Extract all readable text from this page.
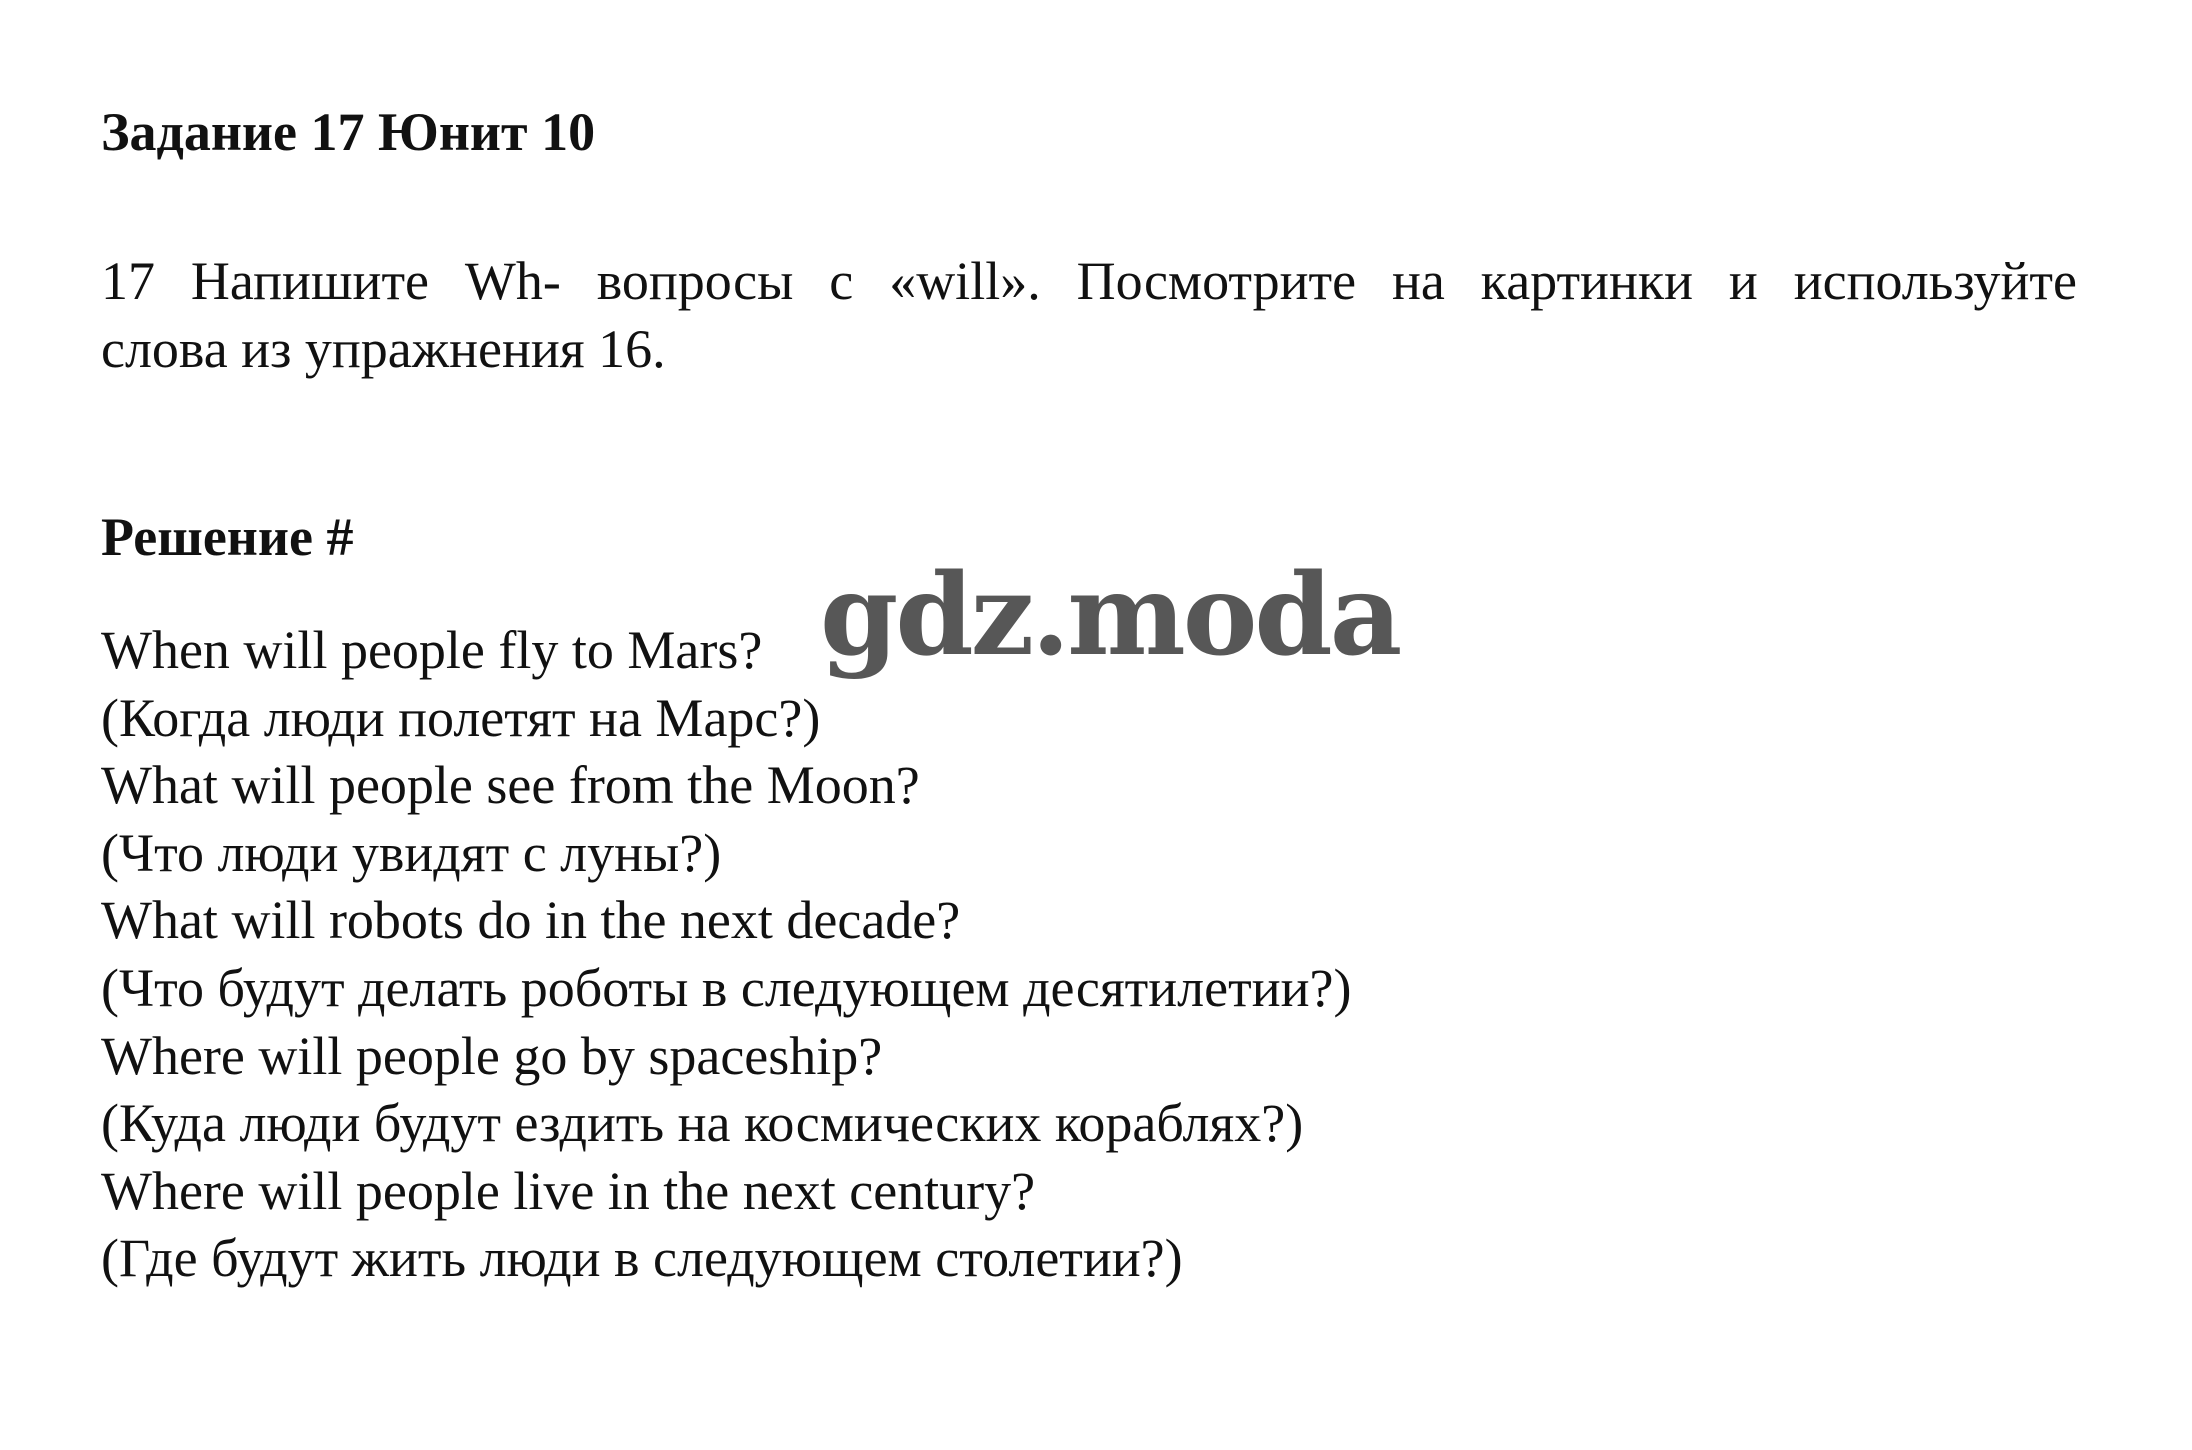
Задание 17 Юнит 10

17 Напишите Wh- вопросы с «will». Посмотрите на картинки и используйте
слова из упражнения 16.

Решение #
When will people fly to Mars?
(Когда люди полетят на Марс?)
What will people see from the Moon?
(Что люди увидят с луны?)
What will robots do in the next decade?
(Что будут делать роботы в следующем десятилетии?)
Where will people go by spaceship?
(Куда люди будут ездить на космических кораблях?)
Where will people live in the next century?
(Где будут жить люди в следующем столетии?)
gdz.moda
